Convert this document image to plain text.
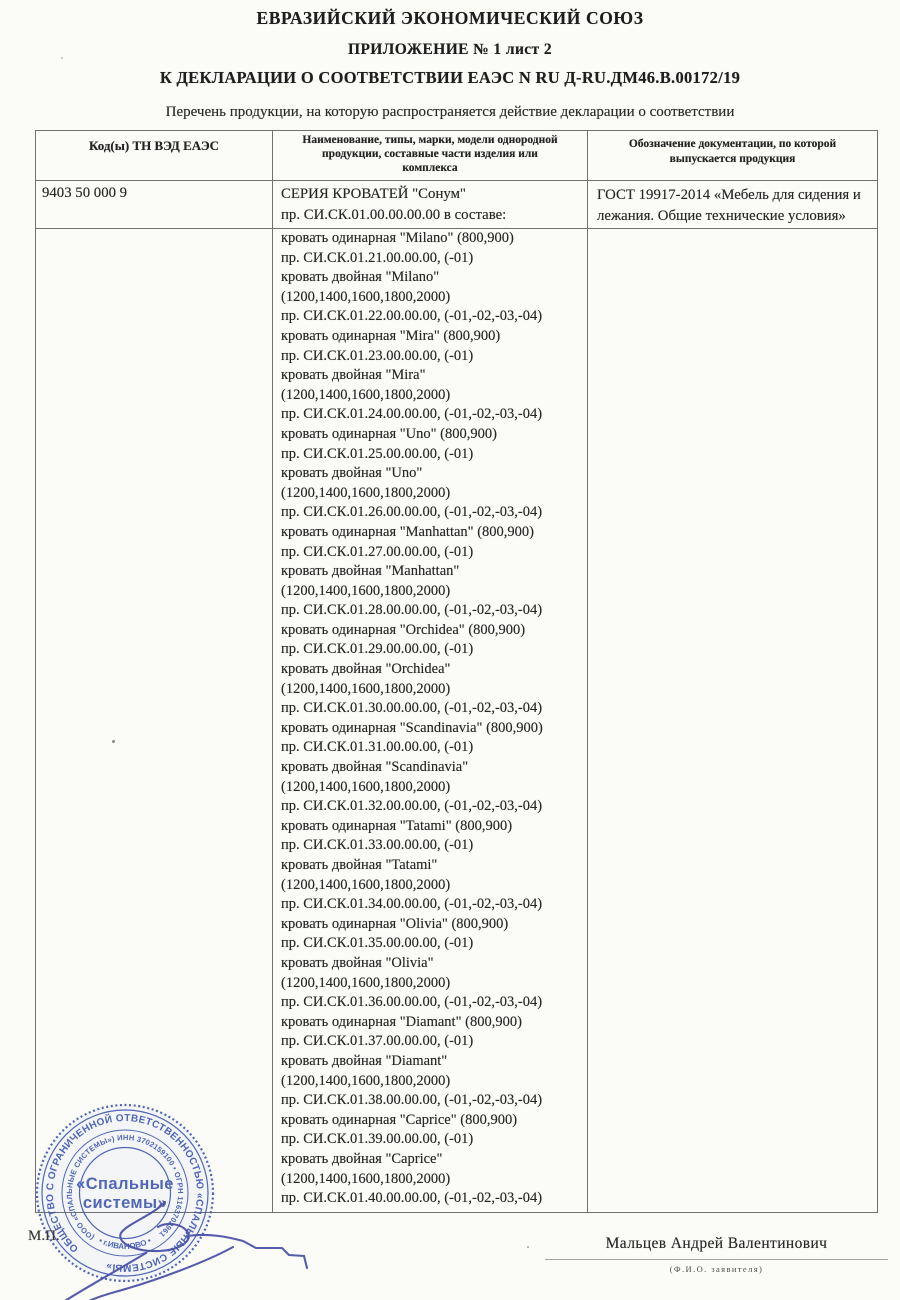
ЕВРАЗИЙСКИЙ ЭКОНОМИЧЕСКИЙ СОЮЗ
ПРИЛОЖЕНИЕ № 1 лист 2
К ДЕКЛАРАЦИИ О СООТВЕТСТВИИ ЕАЭС N RU Д-RU.ДМ46.В.00172/19
Перечень продукции, на которую распространяется действие декларации о соответствии
Код(ы) ТН ВЭД ЕАЭС	Наименование, типы, марки, модели однородной
продукции, составные части изделия или
комплекса
Обозначение документации, по которой
выпускается продукция
9403 50 000 9	СЕРИЯ КРОВАТЕЙ "Сонум"
пр. СИ.СК.01.00.00.00.00 в составе:
ГОСТ 19917-2014 «Мебель для сидения и
лежания. Общие технические условия»
кровать одинарная "Milano" (800,900)
пр. СИ.СК.01.21.00.00.00, (-01)
кровать двойная "Milano"
(1200,1400,1600,1800,2000)
пр. СИ.СК.01.22.00.00.00, (-01,-02,-03,-04)
кровать одинарная "Mira" (800,900)
пр. СИ.СК.01.23.00.00.00, (-01)
кровать двойная "Mira"
(1200,1400,1600,1800,2000)
пр. СИ.СК.01.24.00.00.00, (-01,-02,-03,-04)
кровать одинарная "Uno" (800,900)
пр. СИ.СК.01.25.00.00.00, (-01)
кровать двойная "Uno"
(1200,1400,1600,1800,2000)
пр. СИ.СК.01.26.00.00.00, (-01,-02,-03,-04)
кровать одинарная "Manhattan" (800,900)
пр. СИ.СК.01.27.00.00.00, (-01)
кровать двойная "Manhattan"
(1200,1400,1600,1800,2000)
пр. СИ.СК.01.28.00.00.00, (-01,-02,-03,-04)
кровать одинарная "Orchidea" (800,900)
пр. СИ.СК.01.29.00.00.00, (-01)
кровать двойная "Orchidea"
(1200,1400,1600,1800,2000)
пр. СИ.СК.01.30.00.00.00, (-01,-02,-03,-04)
кровать одинарная "Scandinavia" (800,900)
пр. СИ.СК.01.31.00.00.00, (-01)
кровать двойная "Scandinavia"
(1200,1400,1600,1800,2000)
пр. СИ.СК.01.32.00.00.00, (-01,-02,-03,-04)
кровать одинарная "Tatami" (800,900)
пр. СИ.СК.01.33.00.00.00, (-01)
кровать двойная "Tatami"
(1200,1400,1600,1800,2000)
пр. СИ.СК.01.34.00.00.00, (-01,-02,-03,-04)
кровать одинарная "Olivia" (800,900)
пр. СИ.СК.01.35.00.00.00, (-01)
кровать двойная "Olivia"
(1200,1400,1600,1800,2000)
пр. СИ.СК.01.36.00.00.00, (-01,-02,-03,-04)
кровать одинарная "Diamant" (800,900)
пр. СИ.СК.01.37.00.00.00, (-01)
кровать двойная "Diamant"
(1200,1400,1600,1800,2000)
пр. СИ.СК.01.38.00.00.00, (-01,-02,-03,-04)
кровать одинарная "Caprice" (800,900)
пр. СИ.СК.01.39.00.00.00, (-01)
кровать двойная "Caprice"
(1200,1400,1600,1800,2000)
пр. СИ.СК.01.40.00.00.00, (-01,-02,-03,-04)
М.П.
ОБЩЕСТВО С ОГРАНИЧЕННОЙ ОТВЕТСТВЕННОСТЬЮ «СПАЛЬНЫЕ СИСТЕМЫ»
(ООО «СПАЛЬНЫЕ СИСТЕМЫ») ИНН 3702159100 • ОГРН 1163702961
• г.ИВАНОВО •
«Спальные
системы»
Мальцев Андрей Валентинович
(Ф.И.О. заявителя)
